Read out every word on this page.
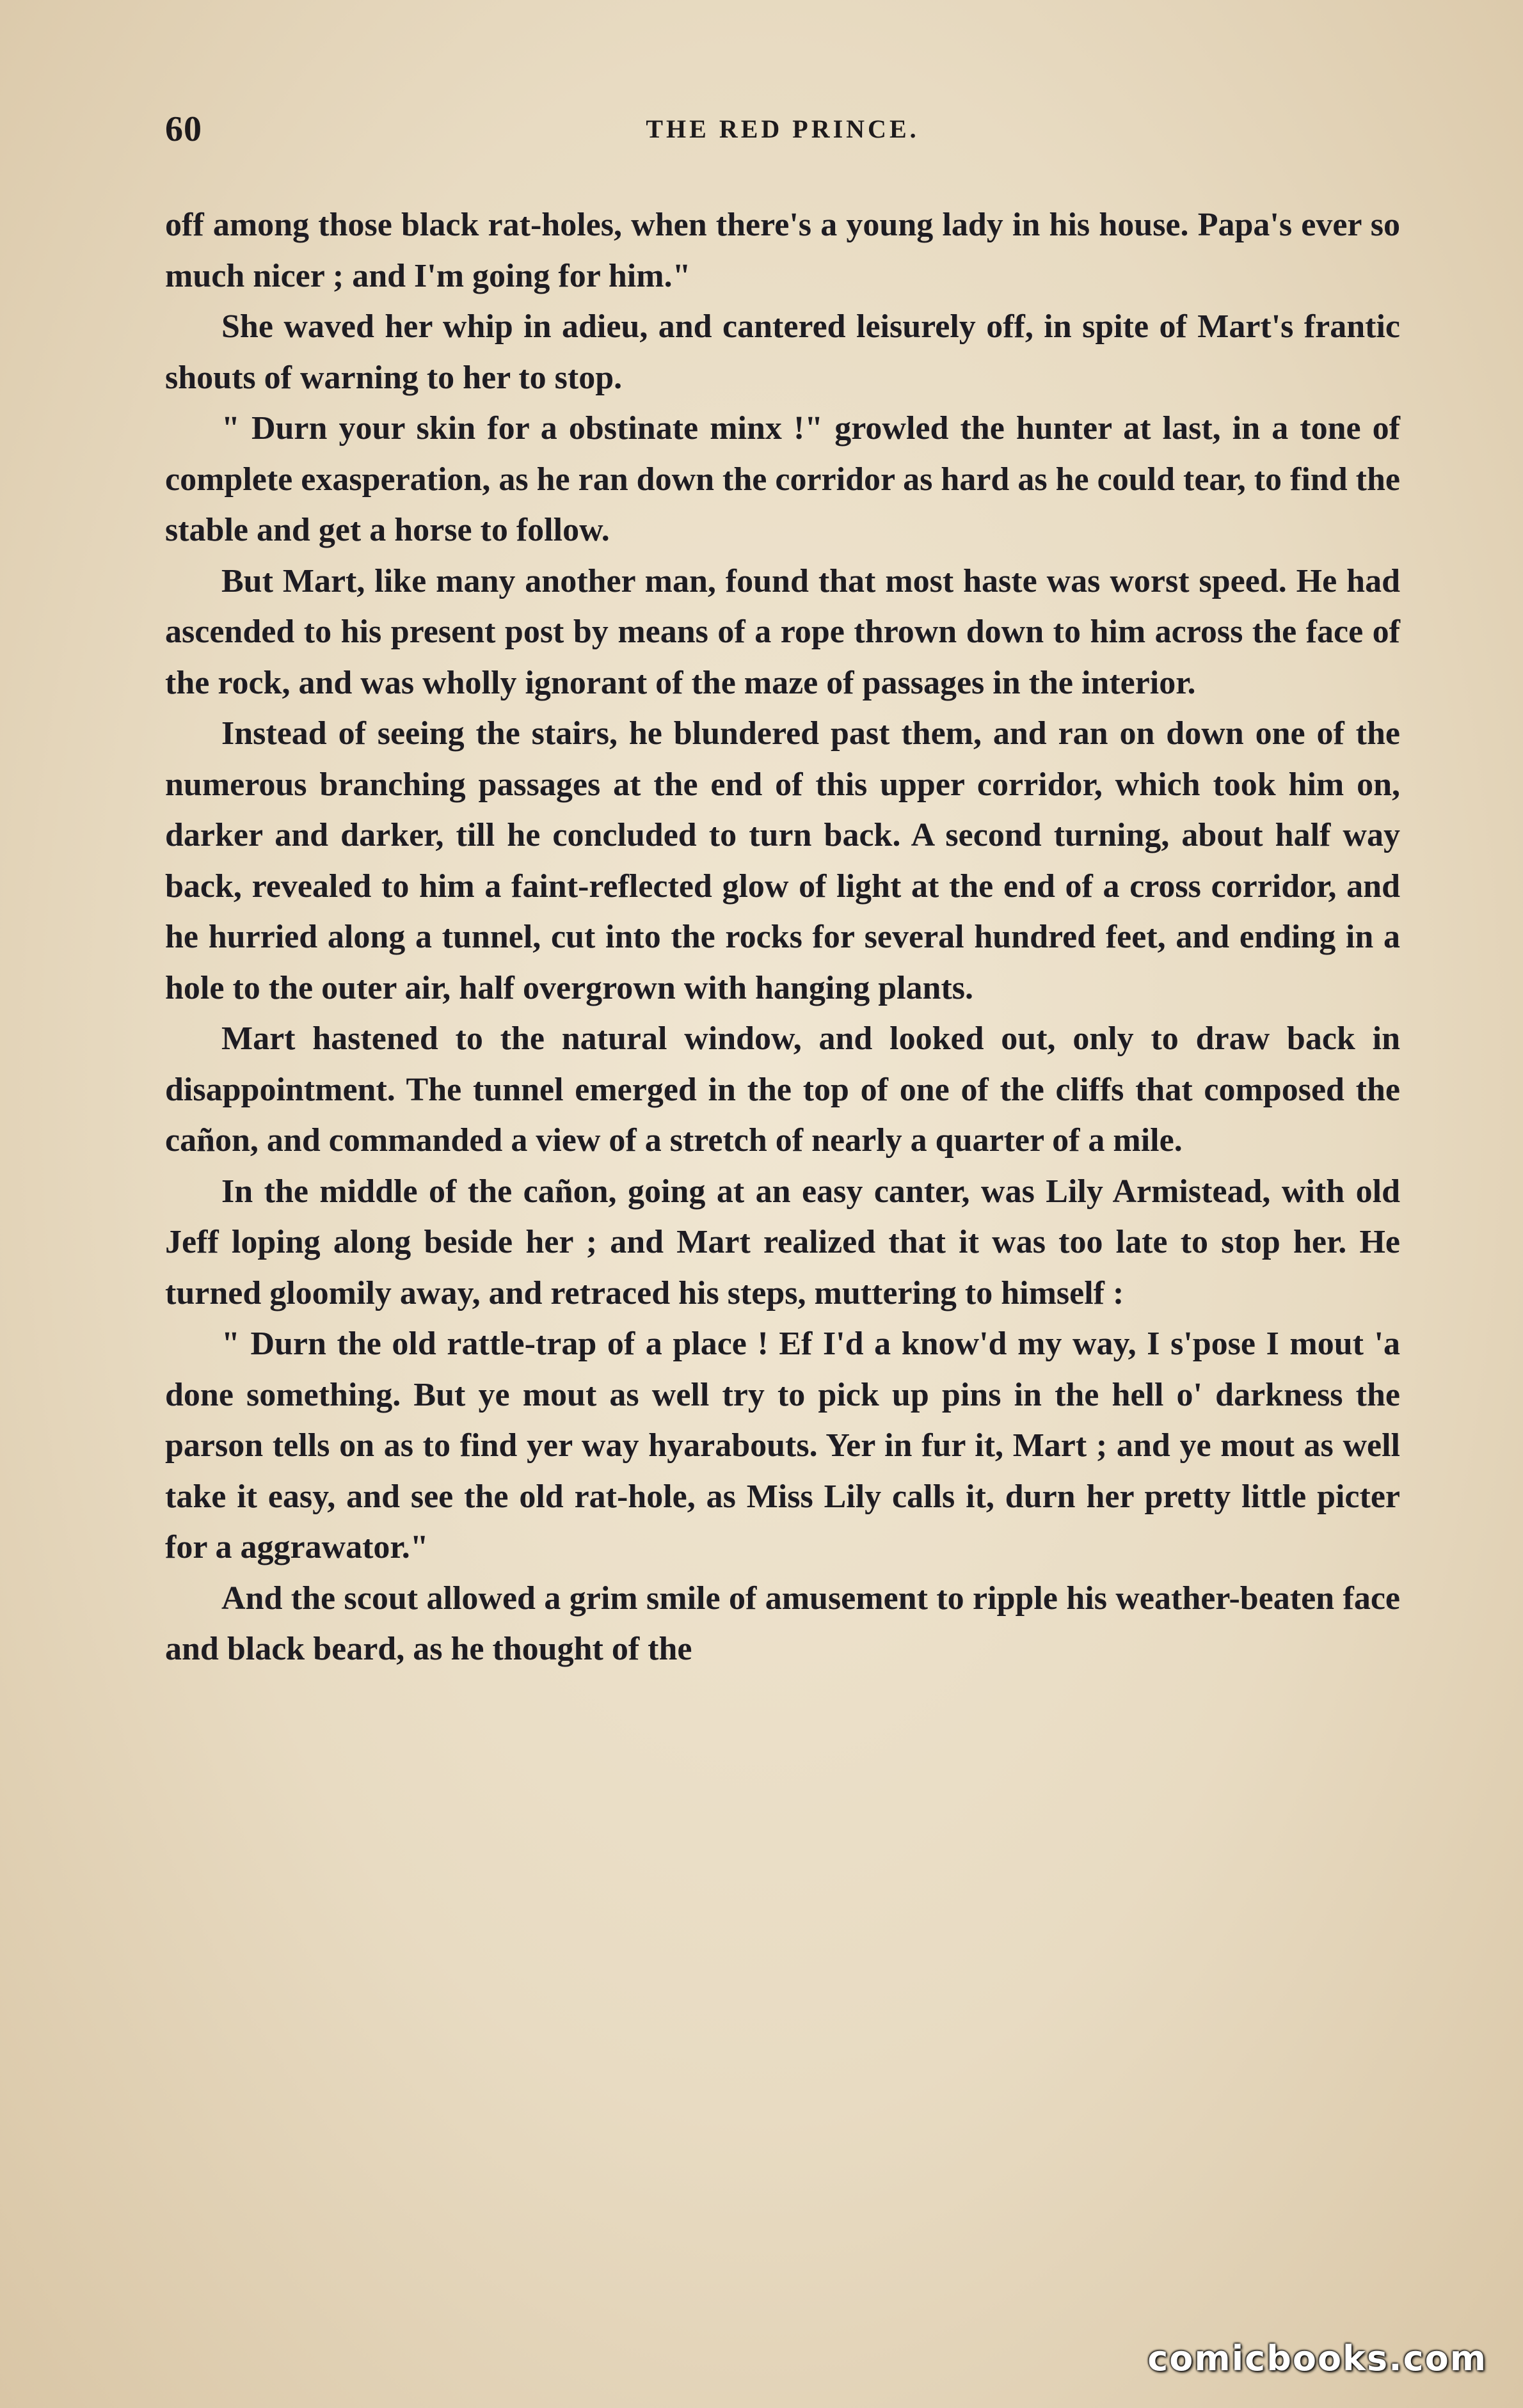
60	THE RED PRINCE.

off among those black rat-holes, when there's a young lady in his house. Papa's ever so much nicer ; and I'm going for him."

She waved her whip in adieu, and cantered leisurely off, in spite of Mart's frantic shouts of warning to her to stop.

" Durn your skin for a obstinate minx !" growled the hunter at last, in a tone of complete exasperation, as he ran down the corridor as hard as he could tear, to find the stable and get a horse to follow.

But Mart, like many another man, found that most haste was worst speed. He had ascended to his present post by means of a rope thrown down to him across the face of the rock, and was wholly ignorant of the maze of passages in the interior.

Instead of seeing the stairs, he blundered past them, and ran on down one of the numerous branching passages at the end of this upper corridor, which took him on, darker and darker, till he concluded to turn back. A second turning, about half way back, revealed to him a faint-reflected glow of light at the end of a cross corridor, and he hurried along a tunnel, cut into the rocks for several hundred feet, and ending in a hole to the outer air, half overgrown with hanging plants.

Mart hastened to the natural window, and looked out, only to draw back in disappointment. The tunnel emerged in the top of one of the cliffs that composed the cañon, and commanded a view of a stretch of nearly a quarter of a mile.

In the middle of the cañon, going at an easy canter, was Lily Armistead, with old Jeff loping along beside her ; and Mart realized that it was too late to stop her. He turned gloomily away, and retraced his steps, muttering to himself :

" Durn the old rattle-trap of a place ! Ef I'd a know'd my way, I s'pose I mout 'a done something. But ye mout as well try to pick up pins in the hell o' darkness the parson tells on as to find yer way hyarabouts. Yer in fur it, Mart ; and ye mout as well take it easy, and see the old rat-hole, as Miss Lily calls it, durn her pretty little picter for a aggrawator."

And the scout allowed a grim smile of amusement to ripple his weather-beaten face and black beard, as he thought of the

comicbooks.com
